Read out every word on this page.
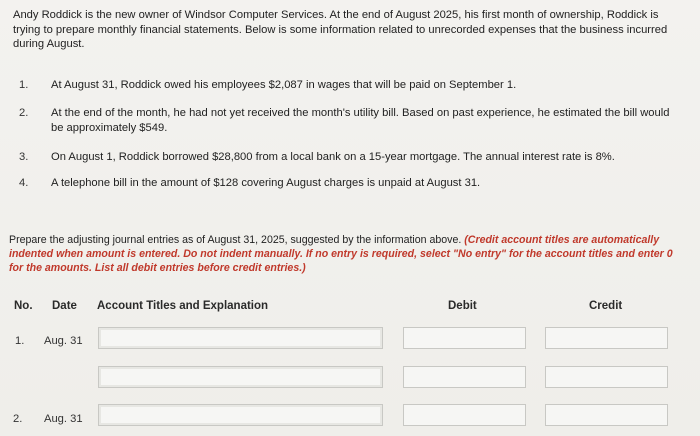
Andy Roddick is the new owner of Windsor Computer Services. At the end of August 2025, his first month of ownership, Roddick is trying to prepare monthly financial statements. Below is some information related to unrecorded expenses that the business incurred during August.
1.	At August 31, Roddick owed his employees $2,087 in wages that will be paid on September 1.
2.	At the end of the month, he had not yet received the month's utility bill. Based on past experience, he estimated the bill would be approximately $549.
3.	On August 1, Roddick borrowed $28,800 from a local bank on a 15-year mortgage. The annual interest rate is 8%.
4.	A telephone bill in the amount of $128 covering August charges is unpaid at August 31.
Prepare the adjusting journal entries as of August 31, 2025, suggested by the information above. (Credit account titles are automatically indented when amount is entered. Do not indent manually. If no entry is required, select "No entry" for the account titles and enter 0 for the amounts. List all debit entries before credit entries.)
No. Date Account Titles and Explanation	Debit	Credit
1. Aug. 31
2. Aug. 31
